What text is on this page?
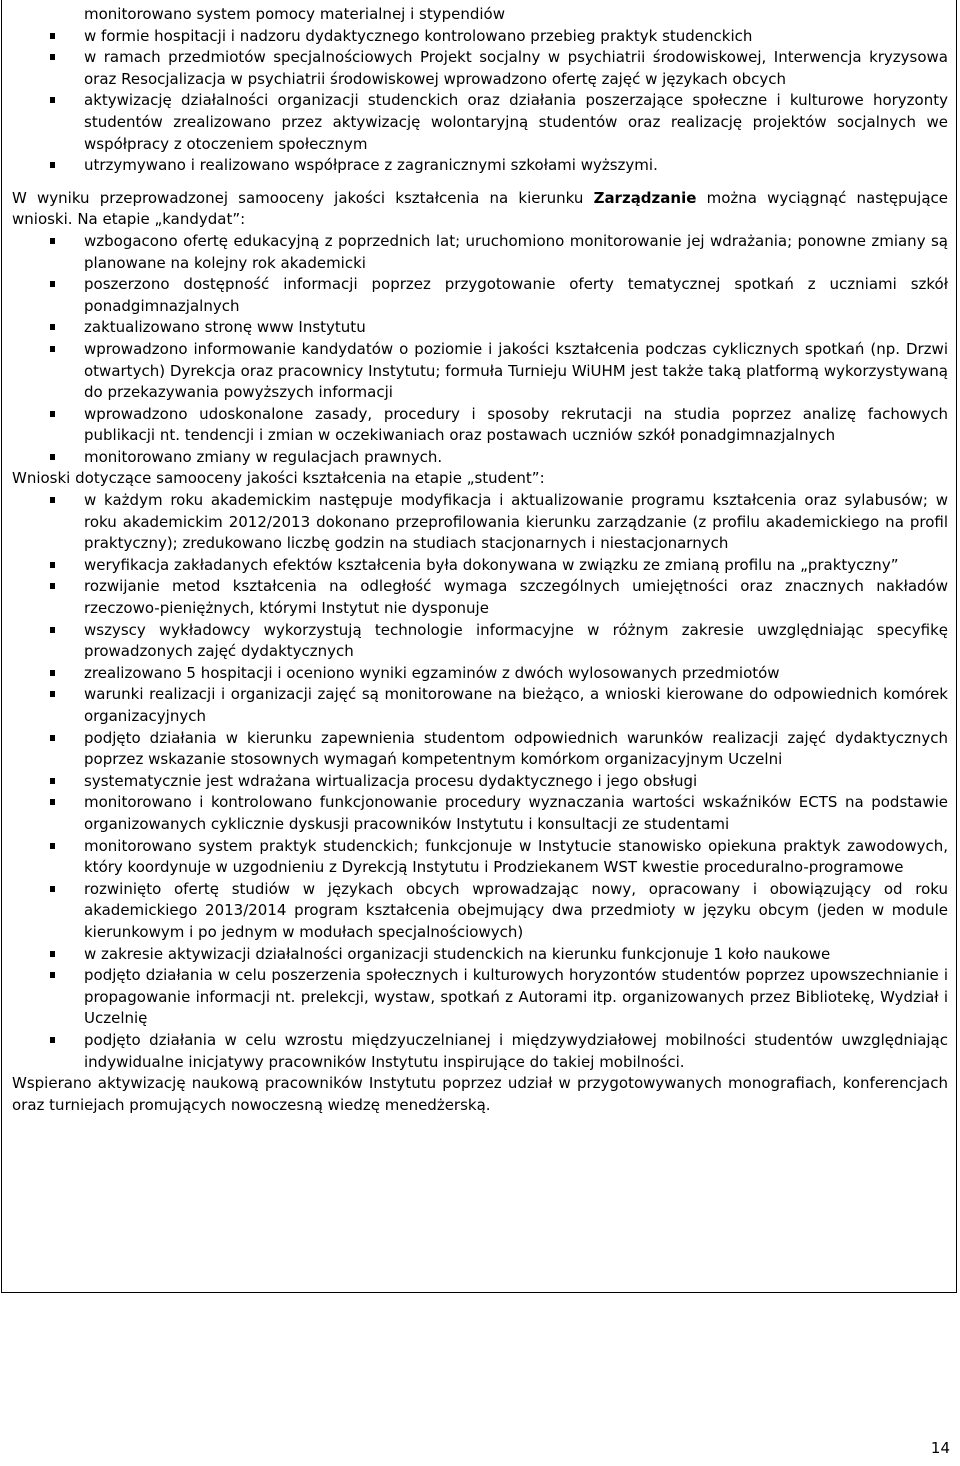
monitorowano system pomocy materialnej i stypendiów
w formie hospitacji i nadzoru dydaktycznego kontrolowano przebieg praktyk studenckich
w ramach przedmiotów specjalnościowych Projekt socjalny w psychiatrii środowiskowej, Interwencja kryzysowa oraz Resocjalizacja w psychiatrii środowiskowej wprowadzono ofertę zajęć w językach obcych
aktywizację działalności organizacji studenckich oraz działania poszerzające społeczne i kulturowe horyzonty studentów zrealizowano przez aktywizację wolontaryjną studentów oraz realizację projektów socjalnych we współpracy z otoczeniem społecznym
utrzymywano i realizowano współprace z zagranicznymi szkołami wyższymi.

W wyniku przeprowadzonej samooceny jakości kształcenia na kierunku Zarządzanie można wyciągnąć następujące wnioski. Na etapie „kandydat”:

wzbogacono ofertę edukacyjną z poprzednich lat; uruchomiono monitorowanie jej wdrażania; ponowne zmiany są planowane na kolejny rok akademicki
poszerzono dostępność informacji poprzez przygotowanie oferty tematycznej spotkań z uczniami szkół ponadgimnazjalnych
zaktualizowano stronę www Instytutu
wprowadzono informowanie kandydatów o poziomie i jakości kształcenia podczas cyklicznych spotkań (np. Drzwi otwartych) Dyrekcja oraz pracownicy Instytutu; formuła Turnieju WiUHM jest także taką platformą wykorzystywaną do przekazywania powyższych informacji
wprowadzono udoskonalone zasady, procedury i sposoby rekrutacji na studia poprzez analizę fachowych publikacji nt. tendencji i zmian w oczekiwaniach oraz postawach uczniów szkół ponadgimnazjalnych
monitorowano zmiany w regulacjach prawnych.

Wnioski dotyczące samooceny jakości kształcenia na etapie „student”:

w każdym roku akademickim następuje modyfikacja i aktualizowanie programu kształcenia oraz sylabusów; w roku akademickim 2012/2013 dokonano przeprofilowania kierunku zarządzanie (z profilu akademickiego na profil praktyczny); zredukowano liczbę godzin na studiach stacjonarnych i niestacjonarnych
weryfikacja zakładanych efektów kształcenia była dokonywana w związku ze zmianą profilu na „praktyczny”
rozwijanie metod kształcenia na odległość wymaga szczególnych umiejętności oraz znacznych nakładów rzeczowo-pieniężnych, którymi Instytut nie dysponuje
wszyscy wykładowcy wykorzystują technologie informacyjne w różnym zakresie uwzględniając specyfikę prowadzonych zajęć dydaktycznych
zrealizowano 5 hospitacji i oceniono wyniki egzaminów z dwóch wylosowanych przedmiotów
warunki realizacji i organizacji zajęć są monitorowane na bieżąco, a wnioski kierowane do odpowiednich komórek organizacyjnych
podjęto działania w kierunku zapewnienia studentom odpowiednich warunków realizacji zajęć dydaktycznych poprzez wskazanie stosownych wymagań kompetentnym komórkom organizacyjnym Uczelni
systematycznie jest wdrażana wirtualizacja procesu dydaktycznego i jego obsługi
monitorowano i kontrolowano funkcjonowanie procedury wyznaczania wartości wskaźników ECTS na podstawie organizowanych cyklicznie dyskusji pracowników Instytutu i konsultacji ze studentami
monitorowano system praktyk studenckich; funkcjonuje w Instytucie stanowisko opiekuna praktyk zawodowych, który koordynuje w uzgodnieniu z Dyrekcją Instytutu i Prodziekanem WST kwestie proceduralno-programowe
rozwinięto ofertę studiów w językach obcych wprowadzając nowy, opracowany i obowiązujący od roku akademickiego 2013/2014 program kształcenia obejmujący dwa przedmioty w języku obcym (jeden w module kierunkowym i po jednym w modułach specjalnościowych)
w zakresie aktywizacji działalności organizacji studenckich na kierunku funkcjonuje 1 koło naukowe
podjęto działania w celu poszerzenia społecznych i kulturowych horyzontów studentów poprzez upowszechnianie i propagowanie informacji nt. prelekcji, wystaw, spotkań z Autorami itp. organizowanych przez Bibliotekę, Wydział i Uczelnię
podjęto działania w celu wzrostu międzyuczelnianej i międzywydziałowej mobilności studentów uwzględniając indywidualne inicjatywy pracowników Instytutu inspirujące do takiej mobilności.

Wspierano aktywizację naukową pracowników Instytutu poprzez udział w przygotowywanych monografiach, konferencjach oraz turniejach promujących nowoczesną wiedzę menedżerską.

14
